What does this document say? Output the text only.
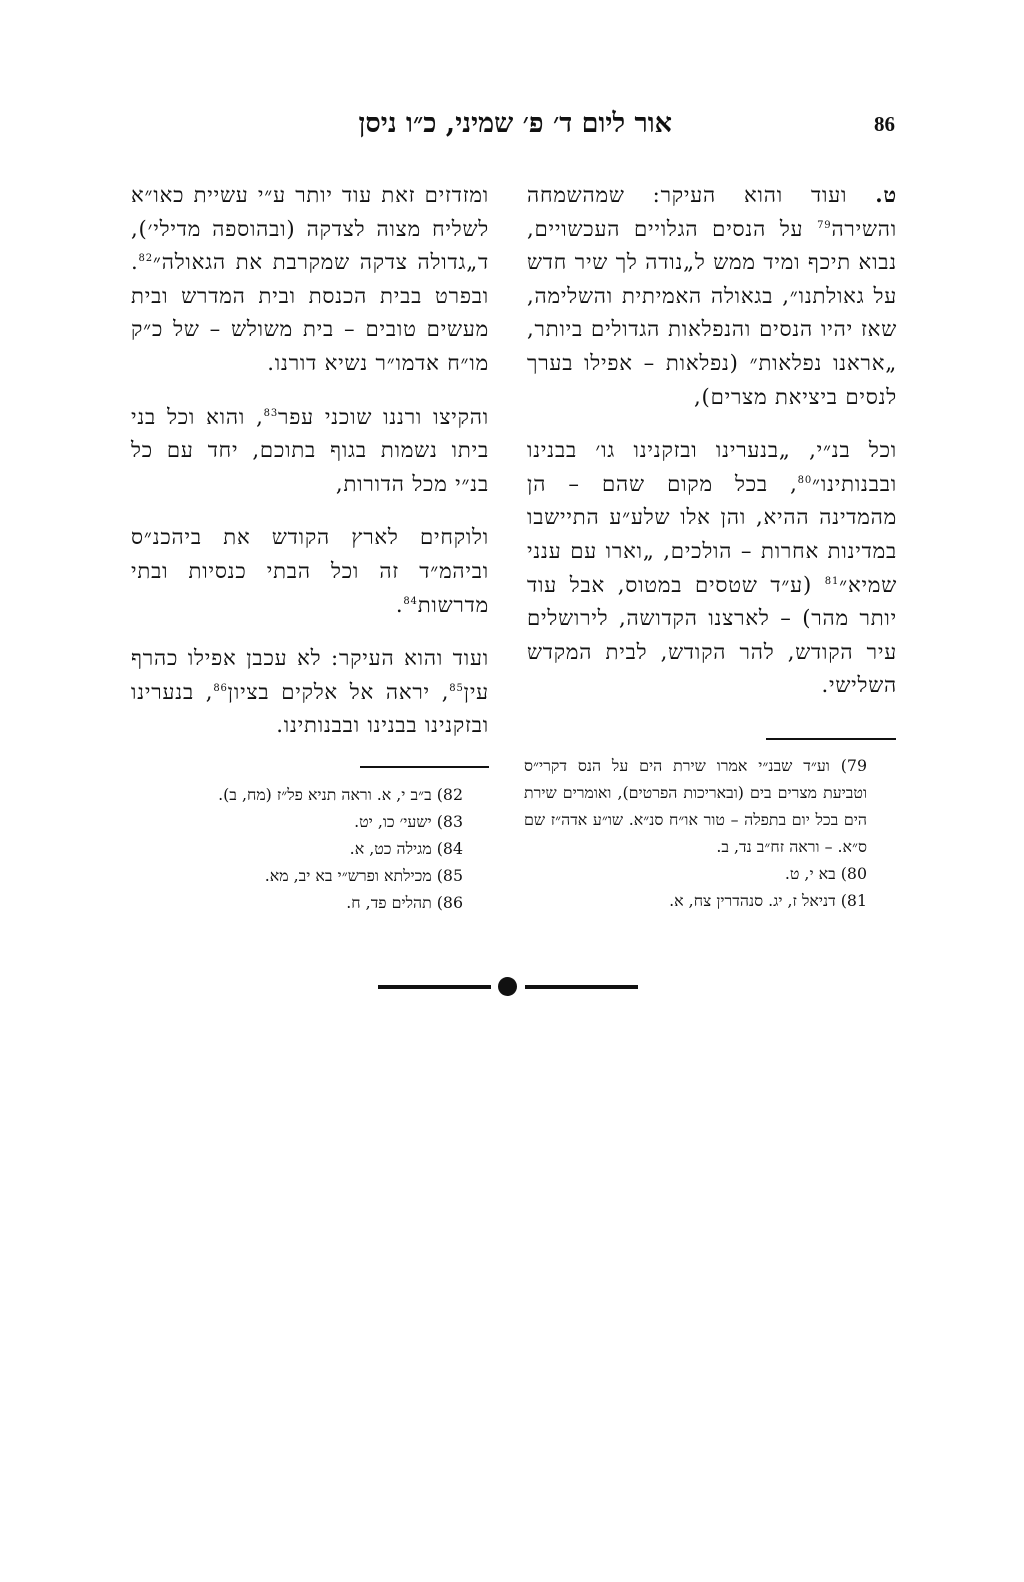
86
אור ליום ד׳ פ׳ שמיני, כ״ו ניסן

ט. ועוד והוא העיקר: שמהשמחה והשירה$^{79}$ על הנסים הגלויים העכשויים, נבוא תיכף ומיד ממש ל„נודה לך שיר חדש על גאולתנו״, בגאולה האמיתית והשלימה, שאז יהיו הנסים והנפלאות הגדולים ביותר, „אראנו נפלאות״ (נפלאות – אפילו בערך לנסים ביציאת מצרים),

וכל בנ״י, „בנערינו ובזקנינו גו׳ בבנינו ובבנותינו״$^{80}$, בכל מקום שהם – הן מהמדינה ההיא, והן אלו שלע״ע התיישבו במדינות אחרות – הולכים, „וארו עם ענני שמיא״$^{81}$ (ע״ד שטסים במטוס, אבל עוד יותר מהר) – לארצנו הקדושה, לירושלים עיר הקודש, להר הקודש, לבית המקדש השלישי.

ומזדזים זאת עוד יותר ע״י עשיית כאו״א לשליח מצוה לצדקה (ובהוספה מדילי׳), ד„גדולה צדקה שמקרבת את הגאולה״$^{82}$. ובפרט בבית הכנסת ובית המדרש ובית מעשים טובים – בית משולש – של כ״ק מו״ח אדמו״ר נשיא דורנו.

והקיצו ורננו שוכני עפר$^{83}$, והוא וכל בני ביתו נשמות בגוף בתוכם, יחד עם כל בנ״י מכל הדורות,

ולוקחים לארץ הקודש את ביהכנ״ס וביהמ״ד זה וכל הבתי כנסיות ובתי מדרשות$^{84}$.

ועוד והוא העיקר: לא עכבן אפילו כהרף עין$^{85}$, יראה אל אלקים בציון$^{86}$, בנערינו ובזקנינו בבנינו ובבנותינו.

79) וע״ד שבנ״י אמרו שירת הים על הנס דקרי״ס וטביעת מצרים בים (ובאריכות הפרטים), ואומרים שירת הים בכל יום בתפלה – טור או״ח סנ״א. שו״ע אדה״ז שם ס״א. – וראה זח״ב נד, ב.

80) בא י, ט.

81) דניאל ז, יג. סנהדרין צח, א.

82) ב״ב י, א. וראה תניא פל״ז (מח, ב).

83) ישעי׳ כו, יט.

84) מגילה כט, א.

85) מכילתא ופרש״י בא יב, מא.

86) תהלים פד, ח.
